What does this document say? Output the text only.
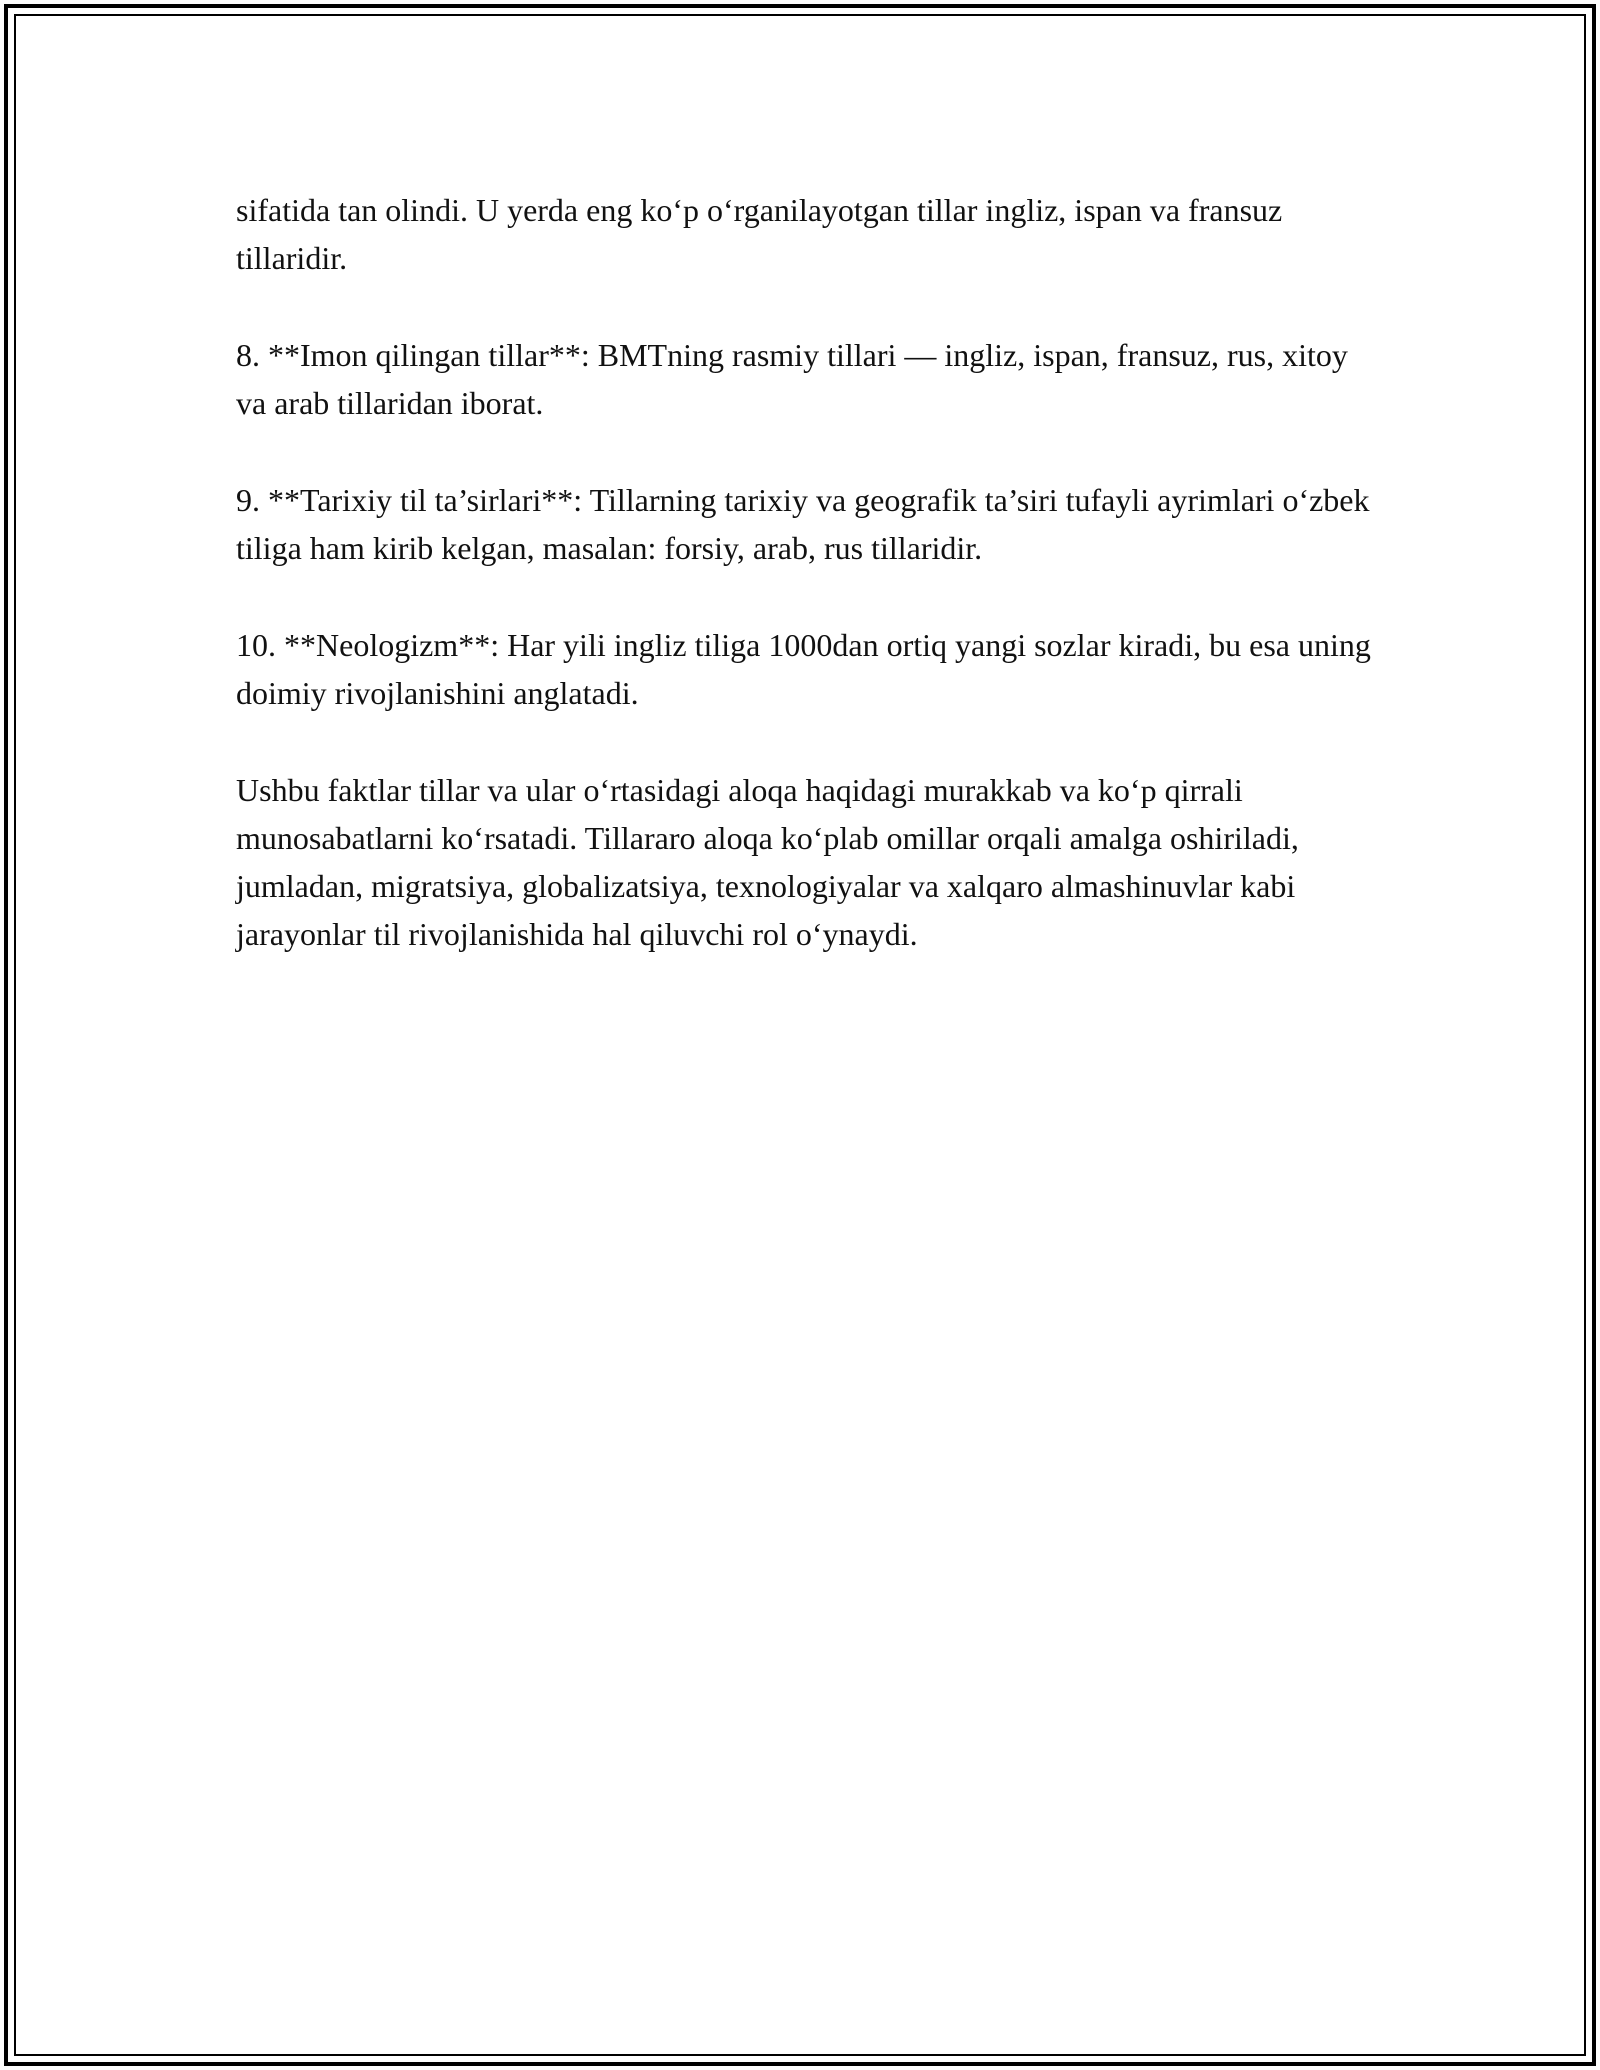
sifatida tan olindi. U yerda eng ko‘p o‘rganilayotgan tillar ingliz, ispan va fransuz tillaridir.

8. **Imon qilingan tillar**: BMTning rasmiy tillari — ingliz, ispan, fransuz, rus, xitoy va arab tillaridan iborat.

9. **Tarixiy til ta’sirlari**: Tillarning tarixiy va geografik ta’siri tufayli ayrimlari o‘zbek tiliga ham kirib kelgan, masalan: forsiy, arab, rus tillaridir.

10. **Neologizm**: Har yili ingliz tiliga 1000dan ortiq yangi sozlar kiradi, bu esa uning doimiy rivojlanishini anglatadi.

Ushbu faktlar tillar va ular o‘rtasidagi aloqa haqidagi murakkab va ko‘p qirrali munosabatlarni ko‘rsatadi. Tillararo aloqa ko‘plab omillar orqali amalga oshiriladi, jumladan, migratsiya, globalizatsiya, texnologiyalar va xalqaro almashinuvlar kabi jarayonlar til rivojlanishida hal qiluvchi rol o‘ynaydi.
